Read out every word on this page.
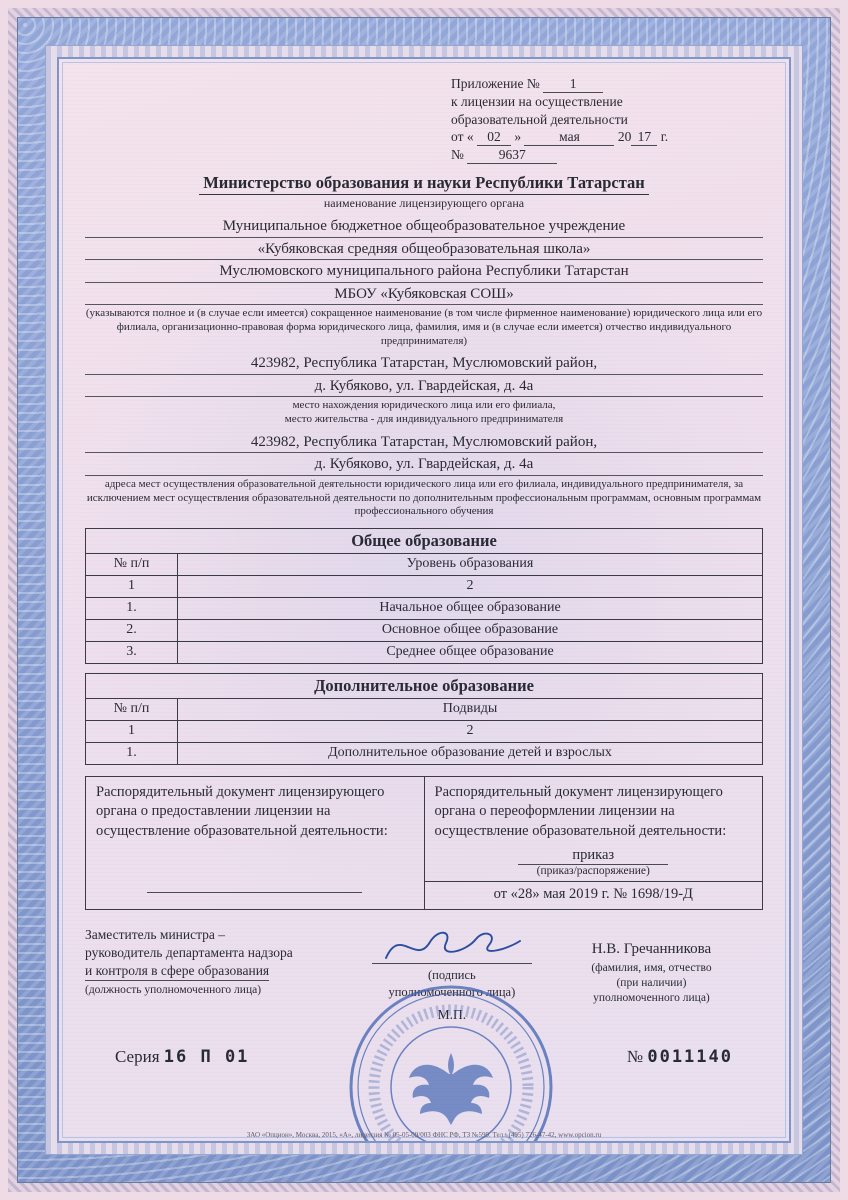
Приложение № 1
к лицензии на осуществление
образовательной деятельности
от « 02 »	мая	20 17 г.
№	9637
Министерство образования и науки Республики Татарстан
наименование лицензирующего органа
Муниципальное бюджетное общеобразовательное учреждение
«Кубяковская средняя общеобразовательная школа»
Муслюмовского муниципального района Республики Татарстан
МБОУ «Кубяковская СОШ»
(указываются полное и (в случае если имеется) сокращенное наименование (в том числе фирменное наименование) юридического лица или его филиала, организационно-правовая форма юридического лица, фамилия, имя и (в случае если имеется) отчество индивидуального предпринимателя)
423982, Республика Татарстан, Муслюмовский район,
д. Кубяково, ул. Гвардейская, д. 4а
место нахождения юридического лица или его филиала,
место жительства - для индивидуального предпринимателя
423982, Республика Татарстан, Муслюмовский район,
д. Кубяково, ул. Гвардейская, д. 4а
адреса мест осуществления образовательной деятельности юридического лица или его филиала, индивидуального предпринимателя, за исключением мест осуществления образовательной деятельности по дополнительным профессиональным программам, основным программам профессионального обучения
Общее образование	
№ п/п	Уровень образования
1	2
1.	Начальное общее образование
2.	Основное общее образование
3.	Среднее общее образование
Дополнительное образование	
№ п/п	Подвиды
1	2
1.	Дополнительное образование детей и взрослых
Распорядительный документ лицензирующего органа о предоставлении лицензии на осуществление образовательной деятельности:

Распорядительный документ лицензирующего органа о переоформлении лицензии на осуществление образовательной деятельности:
приказ
(приказ/распоряжение)
от «28» мая 2019 г. № 1698/19-Д
Заместитель министра –
руководитель департамента надзора
и контроля в сфере образования
(должность уполномоченного лица)
(подпись
уполномоченного лица)
М.П.
Н.В. Гречанникова
(фамилия, имя, отчество
(при наличии)
уполномоченного лица)
Серия 16 П 01	№ 0011140
ЗАО «Опцион», Москва, 2015, «А», лицензия № 05-05-09/003 ФНС РФ, ТЗ №599. Тел.: (495) 726-47-42, www.opcion.ru
